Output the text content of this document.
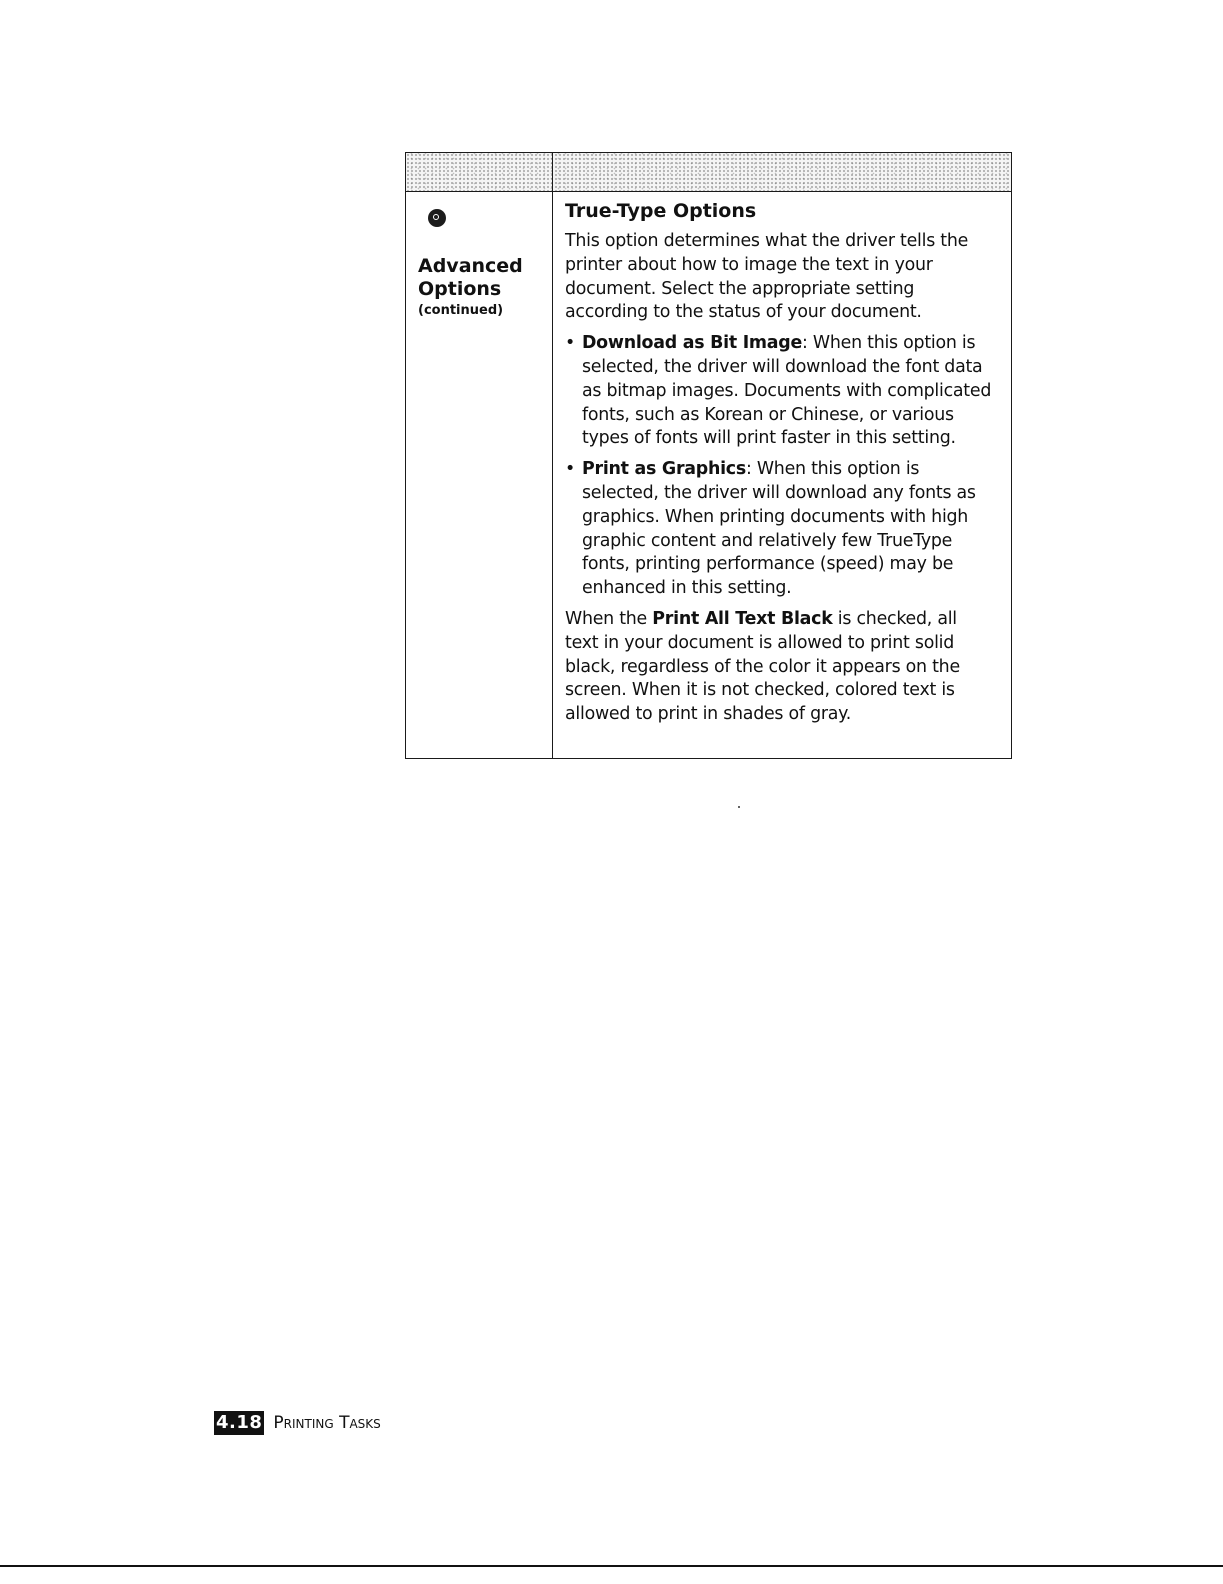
Advanced
Options
(continued)
True-Type Options
This option determines what the driver tells the printer about how to image the text in your document. Select the appropriate setting according to the status of your document.
• Download as Bit Image: When this option is selected, the driver will download the font data as bitmap images. Documents with complicated fonts, such as Korean or Chinese, or various types of fonts will print faster in this setting.
• Print as Graphics: When this option is selected, the driver will download any fonts as graphics. When printing documents with high graphic content and relatively few TrueType fonts, printing performance (speed) may be enhanced in this setting.
When the Print All Text Black is checked, all text in your document is allowed to print solid black, regardless of the color it appears on the screen. When it is not checked, colored text is allowed to print in shades of gray.
4.18 Printing Tasks
